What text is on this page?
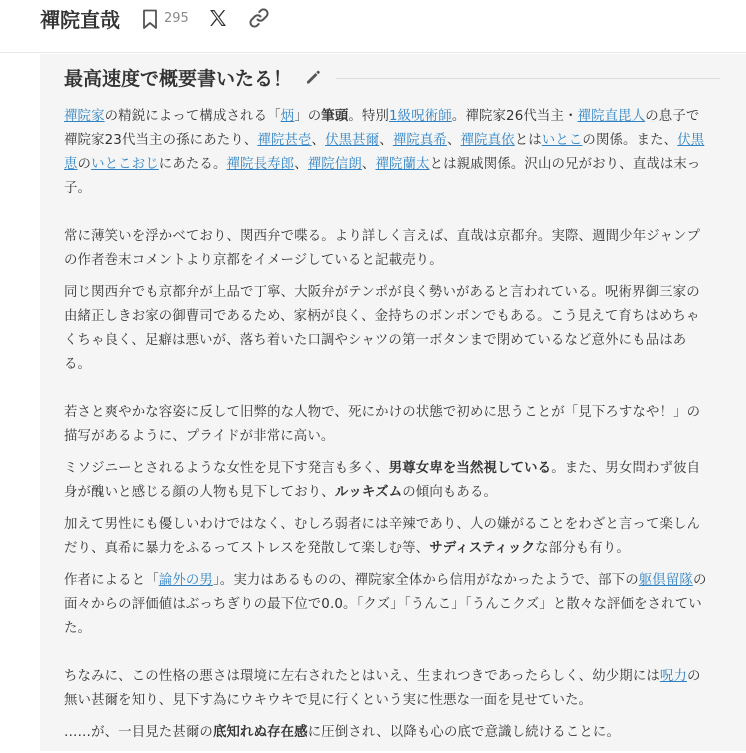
禪院直哉	295
最高速度で概要書いたる！

禪院家の精鋭によって構成される「炳」の筆頭。特別1級呪術師。禪院家26代当主・禪院直毘人の息子で禪院家23代当主の孫にあたり、禪院甚壱、伏黒甚爾、禪院真希、禪院真依とはいとこの関係。また、伏黒恵のいとこおじにあたる。禪院長寿郎、禪院信朗、禪院蘭太とは親戚関係。沢山の兄がおり、直哉は末っ子。

常に薄笑いを浮かべており、関西弁で喋る。より詳しく言えば、直哉は京都弁。実際、週間少年ジャンプの作者巻末コメントより京都をイメージしていると記載売り。

同じ関西弁でも京都弁が上品で丁寧、大阪弁がテンポが良く勢いがあると言われている。呪術界御三家の由緒正しきお家の御曹司であるため、家柄が良く、金持ちのボンボンでもある。こう見えて育ちはめちゃくちゃ良く、足癖は悪いが、落ち着いた口調やシャツの第一ボタンまで閉めているなど意外にも品はある。

若さと爽やかな容姿に反して旧弊的な人物で、死にかけの状態で初めに思うことが「見下ろすなや！」の描写があるように、プライドが非常に高い。

ミソジニーとされるような女性を見下す発言も多く、男尊女卑を当然視している。また、男女問わず彼自身が醜いと感じる顔の人物も見下しており、ルッキズムの傾向もある。

加えて男性にも優しいわけではなく、むしろ弱者には辛辣であり、人の嫌がることをわざと言って楽しんだり、真希に暴力をふるってストレスを発散して楽しむ等、サディスティックな部分も有り。

作者によると「論外の男」。実力はあるものの、禪院家全体から信用がなかったようで、部下の躯倶留隊の面々からの評価値はぶっちぎりの最下位で0.0。「クズ」「うんこ」「うんこクズ」と散々な評価をされていた。

ちなみに、この性格の悪さは環境に左右されたとはいえ、生まれつきであったらしく、幼少期には呪力の無い甚爾を知り、見下す為にウキウキで見に行くという実に性悪な一面を見せていた。

……が、一目見た甚爾の底知れぬ存在感に圧倒され、以降も心の底で意識し続けることに。
